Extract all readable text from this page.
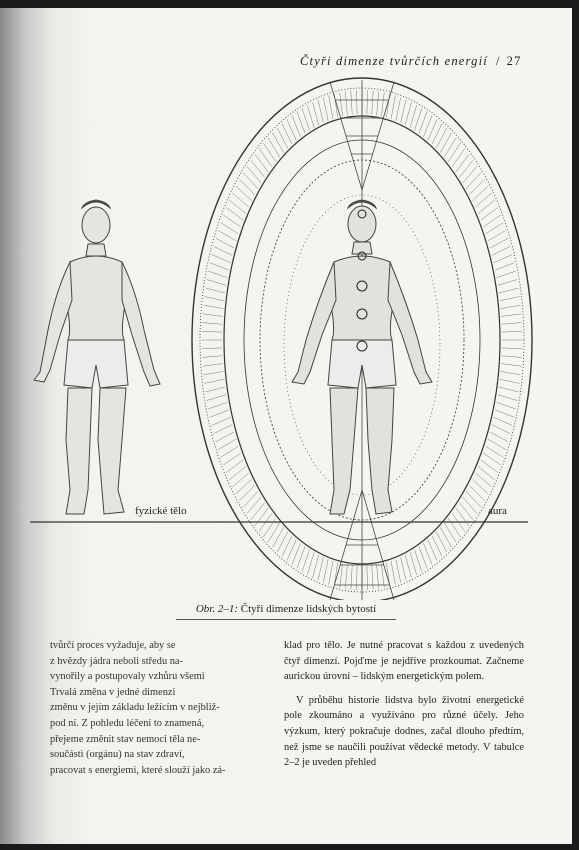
Čtyři dimenze tvůrčích energií / 27
fyzické tělo	aura
Obr. 2–1: Čtyři dimenze lidských bytostí

tvůrčí proces vyžaduje, aby se

z hvězdy jádra neboli středu na-

vynořily a postupovaly vzhůru všemi

Trvalá změna v jedné dimenzi

změnu v jejím základu ležícím v nejbliž-

pod ní. Z pohledu léčení to znamená,

přejeme změnit stav nemoci těla ne-

součásti (orgánu) na stav zdraví,

pracovat s energiemi, které slouží jako zá-

klad pro tělo. Je nutné pracovat s každou z uvedených čtyř dimenzí. Pojďme je nejdříve prozkoumat. Začneme aurickou úrovní – lidským energetickým polem.

V průběhu historie lidstva bylo životní energetické pole zkoumáno a využíváno pro různé účely. Jeho výzkum, který pokračuje dodnes, začal dlouho předtím, než jsme se naučili používat vědecké metody. V tabulce 2–2 je uveden přehled
